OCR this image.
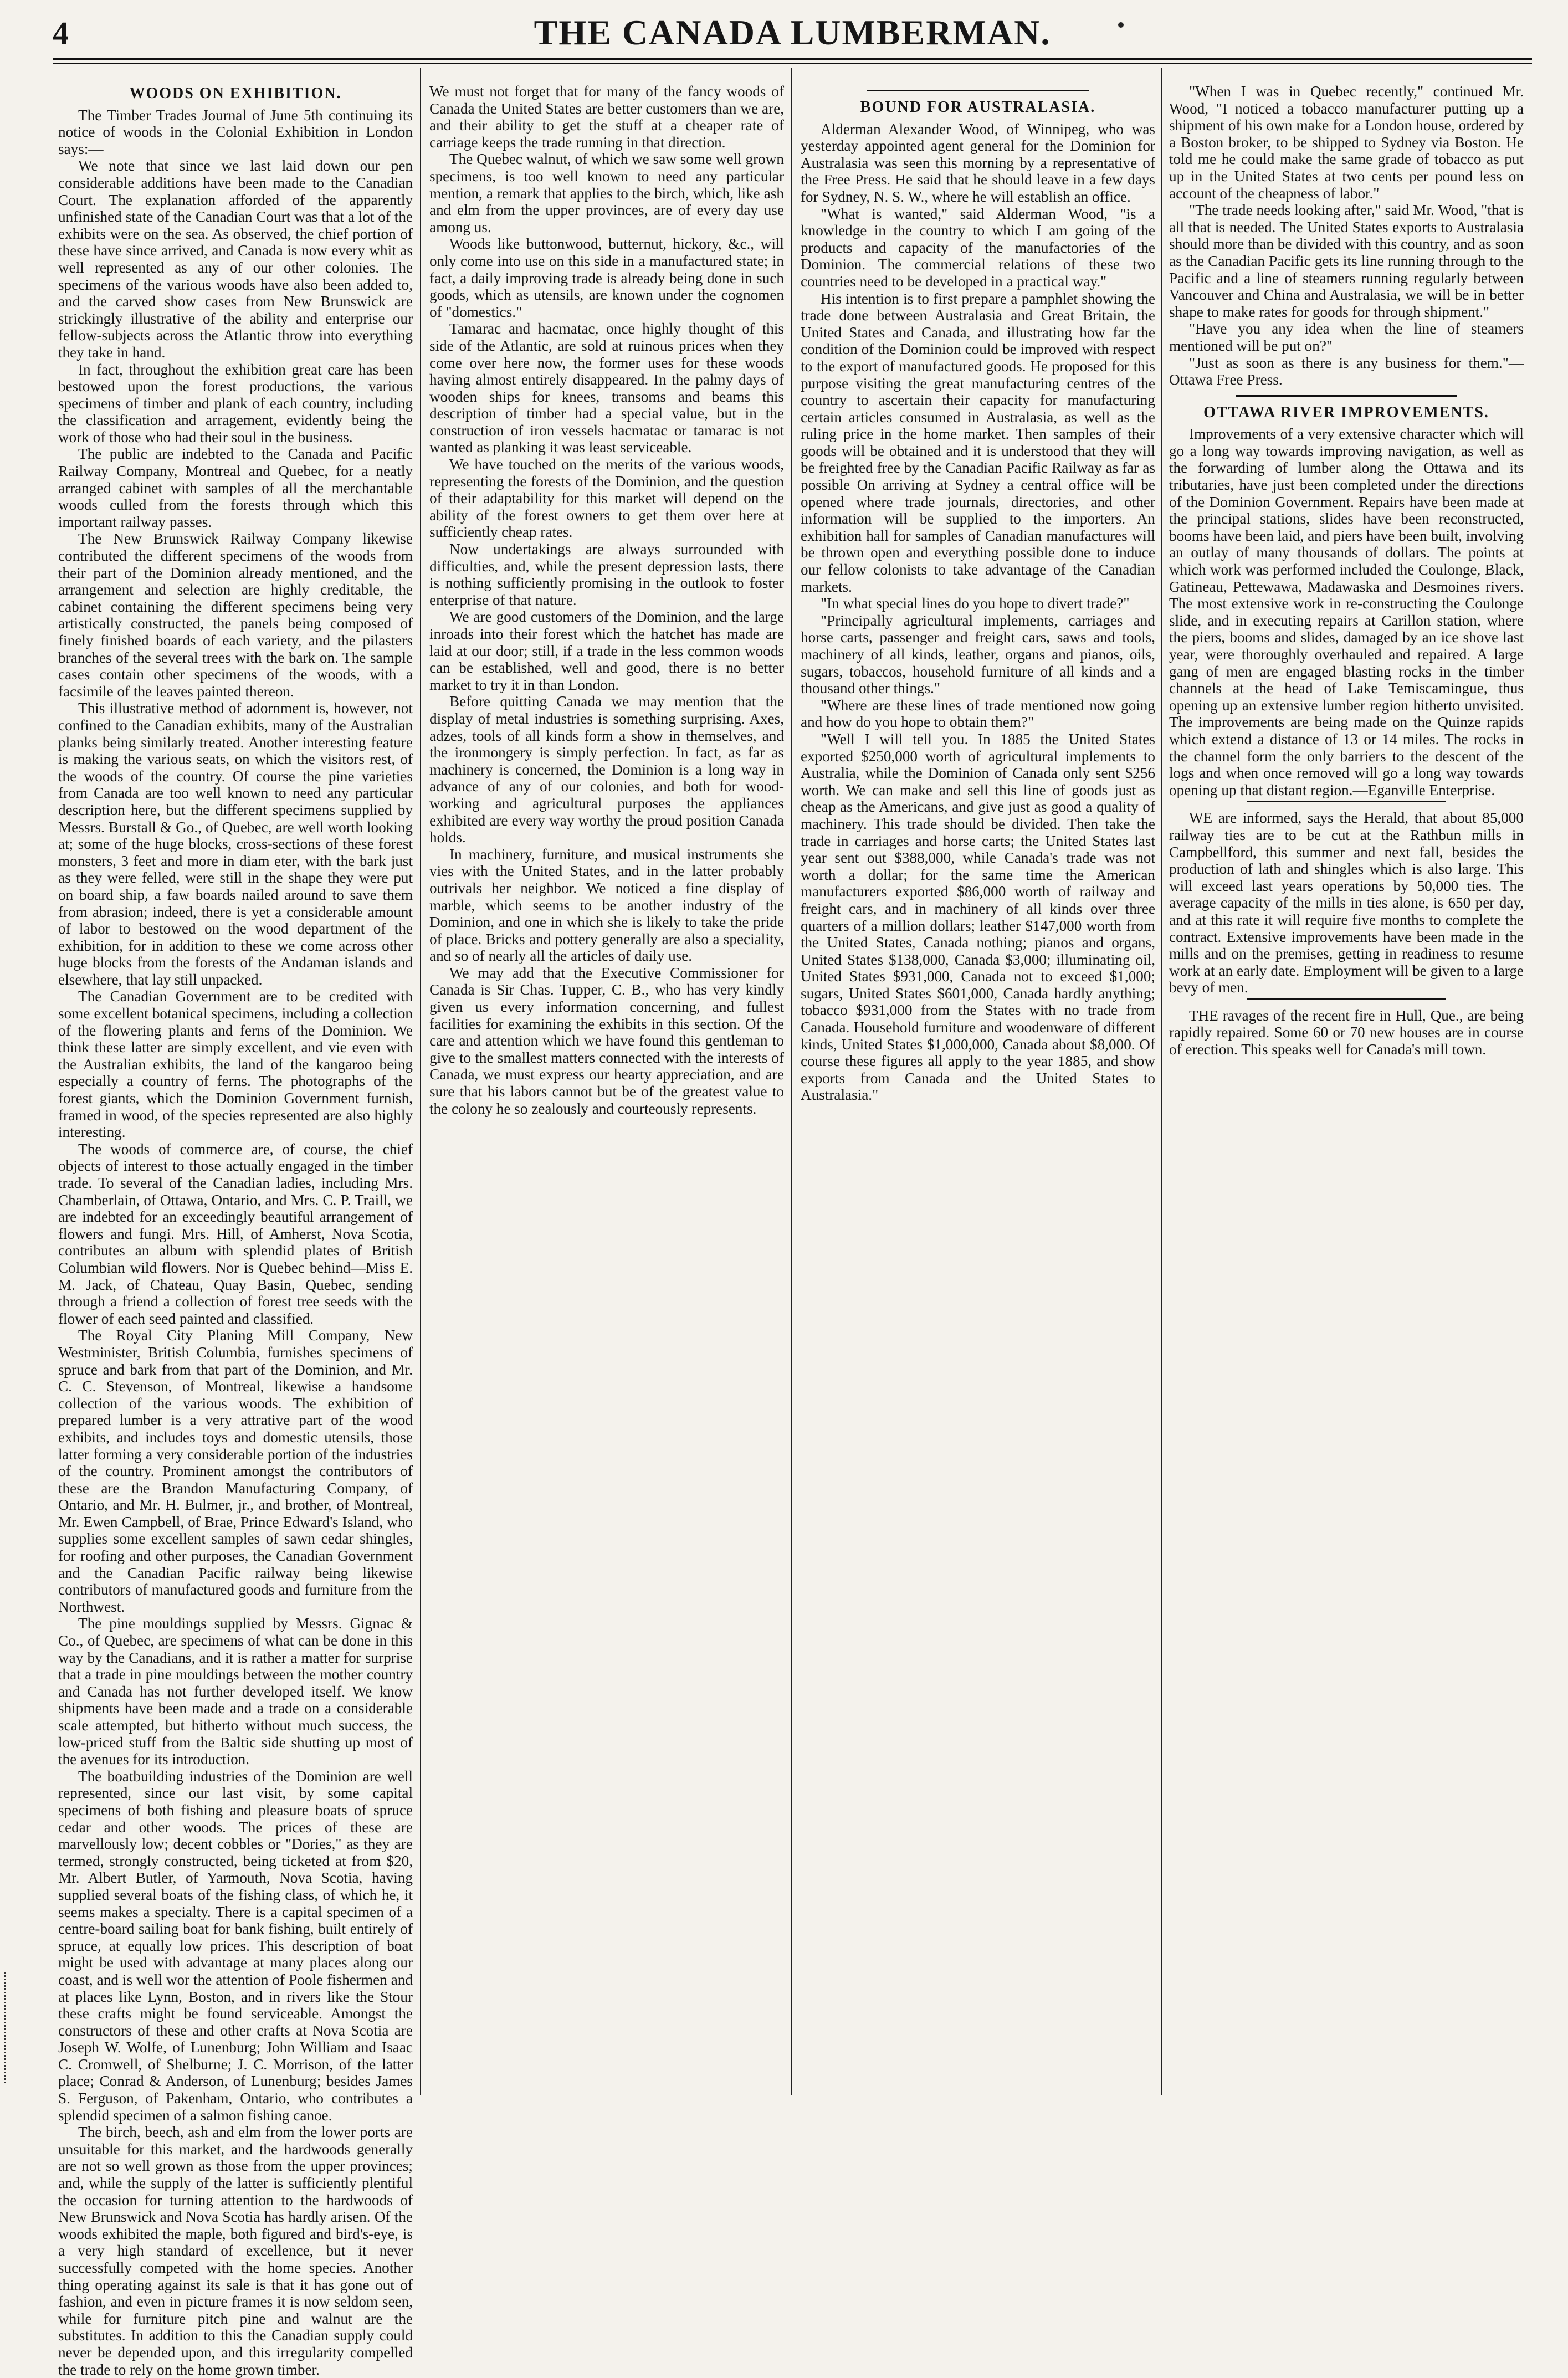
4	THE CANADA LUMBERMAN.
WOODS ON EXHIBITION.

The Timber Trades Journal of June 5th continuing its notice of woods in the Colonial Exhibition in London says:—

We note that since we last laid down our pen considerable additions have been made to the Canadian Court. The explanation afforded of the apparently unfinished state of the Canadian Court was that a lot of the exhibits were on the sea. As observed, the chief portion of these have since arrived, and Canada is now every whit as well represented as any of our other colonies. The specimens of the various woods have also been added to, and the carved show cases from New Brunswick are strickingly illustrative of the ability and enterprise our fellow-subjects across the Atlantic throw into everything they take in hand.

In fact, throughout the exhibition great care has been bestowed upon the forest productions, the various specimens of timber and plank of each country, including the classification and arragement, evidently being the work of those who had their soul in the business.

The public are indebted to the Canada and Pacific Railway Company, Montreal and Quebec, for a neatly arranged cabinet with samples of all the merchantable woods culled from the forests through which this important railway passes.

The New Brunswick Railway Company likewise contributed the different specimens of the woods from their part of the Dominion already mentioned, and the arrangement and selection are highly creditable, the cabinet containing the different specimens being very artistically constructed, the panels being composed of finely finished boards of each variety, and the pilasters branches of the several trees with the bark on. The sample cases contain other specimens of the woods, with a facsimile of the leaves painted thereon.

This illustrative method of adornment is, however, not confined to the Canadian exhibits, many of the Australian planks being similarly treated. Another interesting feature is making the various seats, on which the visitors rest, of the woods of the country. Of course the pine varieties from Canada are too well known to need any particular description here, but the different specimens supplied by Messrs. Burstall & Go., of Quebec, are well worth looking at; some of the huge blocks, cross-sections of these forest monsters, 3 feet and more in diam eter, with the bark just as they were felled, were still in the shape they were put on board ship, a faw boards nailed around to save them from abrasion; indeed, there is yet a considerable amount of labor to bestowed on the wood department of the exhibition, for in addition to these we come across other huge blocks from the forests of the Andaman islands and elsewhere, that lay still unpacked.

The Canadian Government are to be credited with some excellent botanical specimens, including a collection of the flowering plants and ferns of the Dominion. We think these latter are simply excellent, and vie even with the Australian exhibits, the land of the kangaroo being especially a country of ferns. The photographs of the forest giants, which the Dominion Government furnish, framed in wood, of the species represented are also highly interesting.

The woods of commerce are, of course, the chief objects of interest to those actually engaged in the timber trade. To several of the Canadian ladies, including Mrs. Chamberlain, of Ottawa, Ontario, and Mrs. C. P. Traill, we are indebted for an exceedingly beautiful arrangement of flowers and fungi. Mrs. Hill, of Amherst, Nova Scotia, contributes an album with splendid plates of British Columbian wild flowers. Nor is Quebec behind—Miss E. M. Jack, of Chateau, Quay Basin, Quebec, sending through a friend a collection of forest tree seeds with the flower of each seed painted and classified.

The Royal City Planing Mill Company, New Westminister, British Columbia, furnishes specimens of spruce and bark from that part of the Dominion, and Mr. C. C. Stevenson, of Montreal, likewise a handsome collection of the various woods. The exhibition of prepared lumber is a very attrative part of the wood exhibits, and includes toys and domestic utensils, those latter forming a very considerable portion of the industries of the country. Prominent amongst the contributors of these are the Brandon Manufacturing Company, of Ontario, and Mr. H. Bulmer, jr., and brother, of Montreal, Mr. Ewen Campbell, of Brae, Prince Edward's Island, who supplies some excellent samples of sawn cedar shingles, for roofing and other purposes, the Canadian Government and the Canadian Pacific railway being likewise contributors of manufactured goods and furniture from the Northwest.

The pine mouldings supplied by Messrs. Gignac & Co., of Quebec, are specimens of what can be done in this way by the Canadians, and it is rather a matter for surprise that a trade in pine mouldings between the mother country and Canada has not further developed itself. We know shipments have been made and a trade on a considerable scale attempted, but hitherto without much success, the low-priced stuff from the Baltic side shutting up most of the avenues for its introduction.

The boatbuilding industries of the Dominion are well represented, since our last visit, by some capital specimens of both fishing and pleasure boats of spruce cedar and other woods. The prices of these are marvellously low; decent cobbles or "Dories," as they are termed, strongly constructed, being ticketed at from $20, Mr. Albert Butler, of Yarmouth, Nova Scotia, having supplied several boats of the fishing class, of which he, it seems makes a specialty. There is a capital specimen of a centre-board sailing boat for bank fishing, built entirely of spruce, at equally low prices. This description of boat might be used with advantage at many places along our coast, and is well wor the attention of Poole fishermen and at places like Lynn, Boston, and in rivers like the Stour these crafts might be found serviceable. Amongst the constructors of these and other crafts at Nova Scotia are Joseph W. Wolfe, of Lunenburg; John William and Isaac C. Cromwell, of Shelburne; J. C. Morrison, of the latter place; Conrad & Anderson, of Lunenburg; besides James S. Ferguson, of Pakenham, Ontario, who contributes a splendid specimen of a salmon fishing canoe.

The birch, beech, ash and elm from the lower ports are unsuitable for this market, and the hardwoods generally are not so well grown as those from the upper provinces; and, while the supply of the latter is sufficiently plentiful the occasion for turning attention to the hardwoods of New Brunswick and Nova Scotia has hardly arisen. Of the woods exhibited the maple, both figured and bird's-eye, is a very high standard of excellence, but it never successfully competed with the home species. Another thing operating against its sale is that it has gone out of fashion, and even in picture frames it is now seldom seen, while for furniture pitch pine and walnut are the substitutes. In addition to this the Canadian supply could never be depended upon, and this irregularity compelled the trade to rely on the home grown timber.

We must not forget that for many of the fancy woods of Canada the United States are better customers than we are, and their ability to get the stuff at a cheaper rate of carriage keeps the trade running in that direction.

The Quebec walnut, of which we saw some well grown specimens, is too well known to need any particular mention, a remark that applies to the birch, which, like ash and elm from the upper provinces, are of every day use among us.

Woods like buttonwood, butternut, hickory, &c., will only come into use on this side in a manufactured state; in fact, a daily improving trade is already being done in such goods, which as utensils, are known under the cognomen of "domestics."

Tamarac and hacmatac, once highly thought of this side of the Atlantic, are sold at ruinous prices when they come over here now, the former uses for these woods having almost entirely disappeared. In the palmy days of wooden ships for knees, transoms and beams this description of timber had a special value, but in the construction of iron vessels hacmatac or tamarac is not wanted as planking it was least serviceable.

We have touched on the merits of the various woods, representing the forests of the Dominion, and the question of their adaptability for this market will depend on the ability of the forest owners to get them over here at sufficiently cheap rates.

Now undertakings are always surrounded with difficulties, and, while the present depression lasts, there is nothing sufficiently promising in the outlook to foster enterprise of that nature.

We are good customers of the Dominion, and the large inroads into their forest which the hatchet has made are laid at our door; still, if a trade in the less common woods can be established, well and good, there is no better market to try it in than London.

Before quitting Canada we may mention that the display of metal industries is something surprising. Axes, adzes, tools of all kinds form a show in themselves, and the ironmongery is simply perfection. In fact, as far as machinery is concerned, the Dominion is a long way in advance of any of our colonies, and both for wood-working and agricultural purposes the appliances exhibited are every way worthy the proud position Canada holds.

In machinery, furniture, and musical instruments she vies with the United States, and in the latter probably outrivals her neighbor. We noticed a fine display of marble, which seems to be another industry of the Dominion, and one in which she is likely to take the pride of place. Bricks and pottery generally are also a speciality, and so of nearly all the articles of daily use.

We may add that the Executive Commissioner for Canada is Sir Chas. Tupper, C. B., who has very kindly given us every information concerning, and fullest facilities for examining the exhibits in this section. Of the care and attention which we have found this gentleman to give to the smallest matters connected with the interests of Canada, we must express our hearty appreciation, and are sure that his labors cannot but be of the greatest value to the colony he so zealously and courteously represents.

BOUND FOR AUSTRALASIA.

Alderman Alexander Wood, of Winnipeg, who was yesterday appointed agent general for the Dominion for Australasia was seen this morning by a representative of the Free Press. He said that he should leave in a few days for Sydney, N. S. W., where he will establish an office.

"What is wanted," said Alderman Wood, "is a knowledge in the country to which I am going of the products and capacity of the manufactories of the Dominion. The commercial relations of these two countries need to be developed in a practical way."

His intention is to first prepare a pamphlet showing the trade done between Australasia and Great Britain, the United States and Canada, and illustrating how far the condition of the Dominion could be improved with respect to the export of manufactured goods. He proposed for this purpose visiting the great manufacturing centres of the country to ascertain their capacity for manufacturing certain articles consumed in Australasia, as well as the ruling price in the home market. Then samples of their goods will be obtained and it is understood that they will be freighted free by the Canadian Pacific Railway as far as possible On arriving at Sydney a central office will be opened where trade journals, directories, and other information will be supplied to the importers. An exhibition hall for samples of Canadian manufactures will be thrown open and everything possible done to induce our fellow colonists to take advantage of the Canadian markets.

"In what special lines do you hope to divert trade?"

"Principally agricultural implements, carriages and horse carts, passenger and freight cars, saws and tools, machinery of all kinds, leather, organs and pianos, oils, sugars, tobaccos, household furniture of all kinds and a thousand other things."

"Where are these lines of trade mentioned now going and how do you hope to obtain them?"

"Well I will tell you. In 1885 the United States exported $250,000 worth of agricultural implements to Australia, while the Dominion of Canada only sent $256 worth. We can make and sell this line of goods just as cheap as the Americans, and give just as good a quality of machinery. This trade should be divided. Then take the trade in carriages and horse carts; the United States last year sent out $388,000, while Canada's trade was not worth a dollar; for the same time the American manufacturers exported $86,000 worth of railway and freight cars, and in machinery of all kinds over three quarters of a million dollars; leather $147,000 worth from the United States, Canada nothing; pianos and organs, United States $138,000, Canada $3,000; illuminating oil, United States $931,000, Canada not to exceed $1,000; sugars, United States $601,000, Canada hardly anything; tobacco $931,000 from the States with no trade from Canada. Household furniture and woodenware of different kinds, United States $1,000,000, Canada about $8,000. Of course these figures all apply to the year 1885, and show exports from Canada and the United States to Australasia."

"When I was in Quebec recently," continued Mr. Wood, "I noticed a tobacco manufacturer putting up a shipment of his own make for a London house, ordered by a Boston broker, to be shipped to Sydney via Boston. He told me he could make the same grade of tobacco as put up in the United States at two cents per pound less on account of the cheapness of labor."

"The trade needs looking after," said Mr. Wood, "that is all that is needed. The United States exports to Australasia should more than be divided with this country, and as soon as the Canadian Pacific gets its line running through to the Pacific and a line of steamers running regularly between Vancouver and China and Australasia, we will be in better shape to make rates for goods for through shipment."

"Have you any idea when the line of steamers mentioned will be put on?"

"Just as soon as there is any business for them."—Ottawa Free Press.

OTTAWA RIVER IMPROVEMENTS.

Improvements of a very extensive character which will go a long way towards improving navigation, as well as the forwarding of lumber along the Ottawa and its tributaries, have just been completed under the directions of the Dominion Government. Repairs have been made at the principal stations, slides have been reconstructed, booms have been laid, and piers have been built, involving an outlay of many thousands of dollars. The points at which work was performed included the Coulonge, Black, Gatineau, Pettewawa, Madawaska and Desmoines rivers. The most extensive work in re-constructing the Coulonge slide, and in executing repairs at Carillon station, where the piers, booms and slides, damaged by an ice shove last year, were thoroughly overhauled and repaired. A large gang of men are engaged blasting rocks in the timber channels at the head of Lake Temiscamingue, thus opening up an extensive lumber region hitherto unvisited. The improvements are being made on the Quinze rapids which extend a distance of 13 or 14 miles. The rocks in the channel form the only barriers to the descent of the logs and when once removed will go a long way towards opening up that distant region.—Eganville Enterprise.

WE are informed, says the Herald, that about 85,000 railway ties are to be cut at the Rathbun mills in Campbellford, this summer and next fall, besides the production of lath and shingles which is also large. This will exceed last years operations by 50,000 ties. The average capacity of the mills in ties alone, is 650 per day, and at this rate it will require five months to complete the contract. Extensive improvements have been made in the mills and on the premises, getting in readiness to resume work at an early date. Employment will be given to a large bevy of men.

THE ravages of the recent fire in Hull, Que., are being rapidly repaired. Some 60 or 70 new houses are in course of erection. This speaks well for Canada's mill town.
